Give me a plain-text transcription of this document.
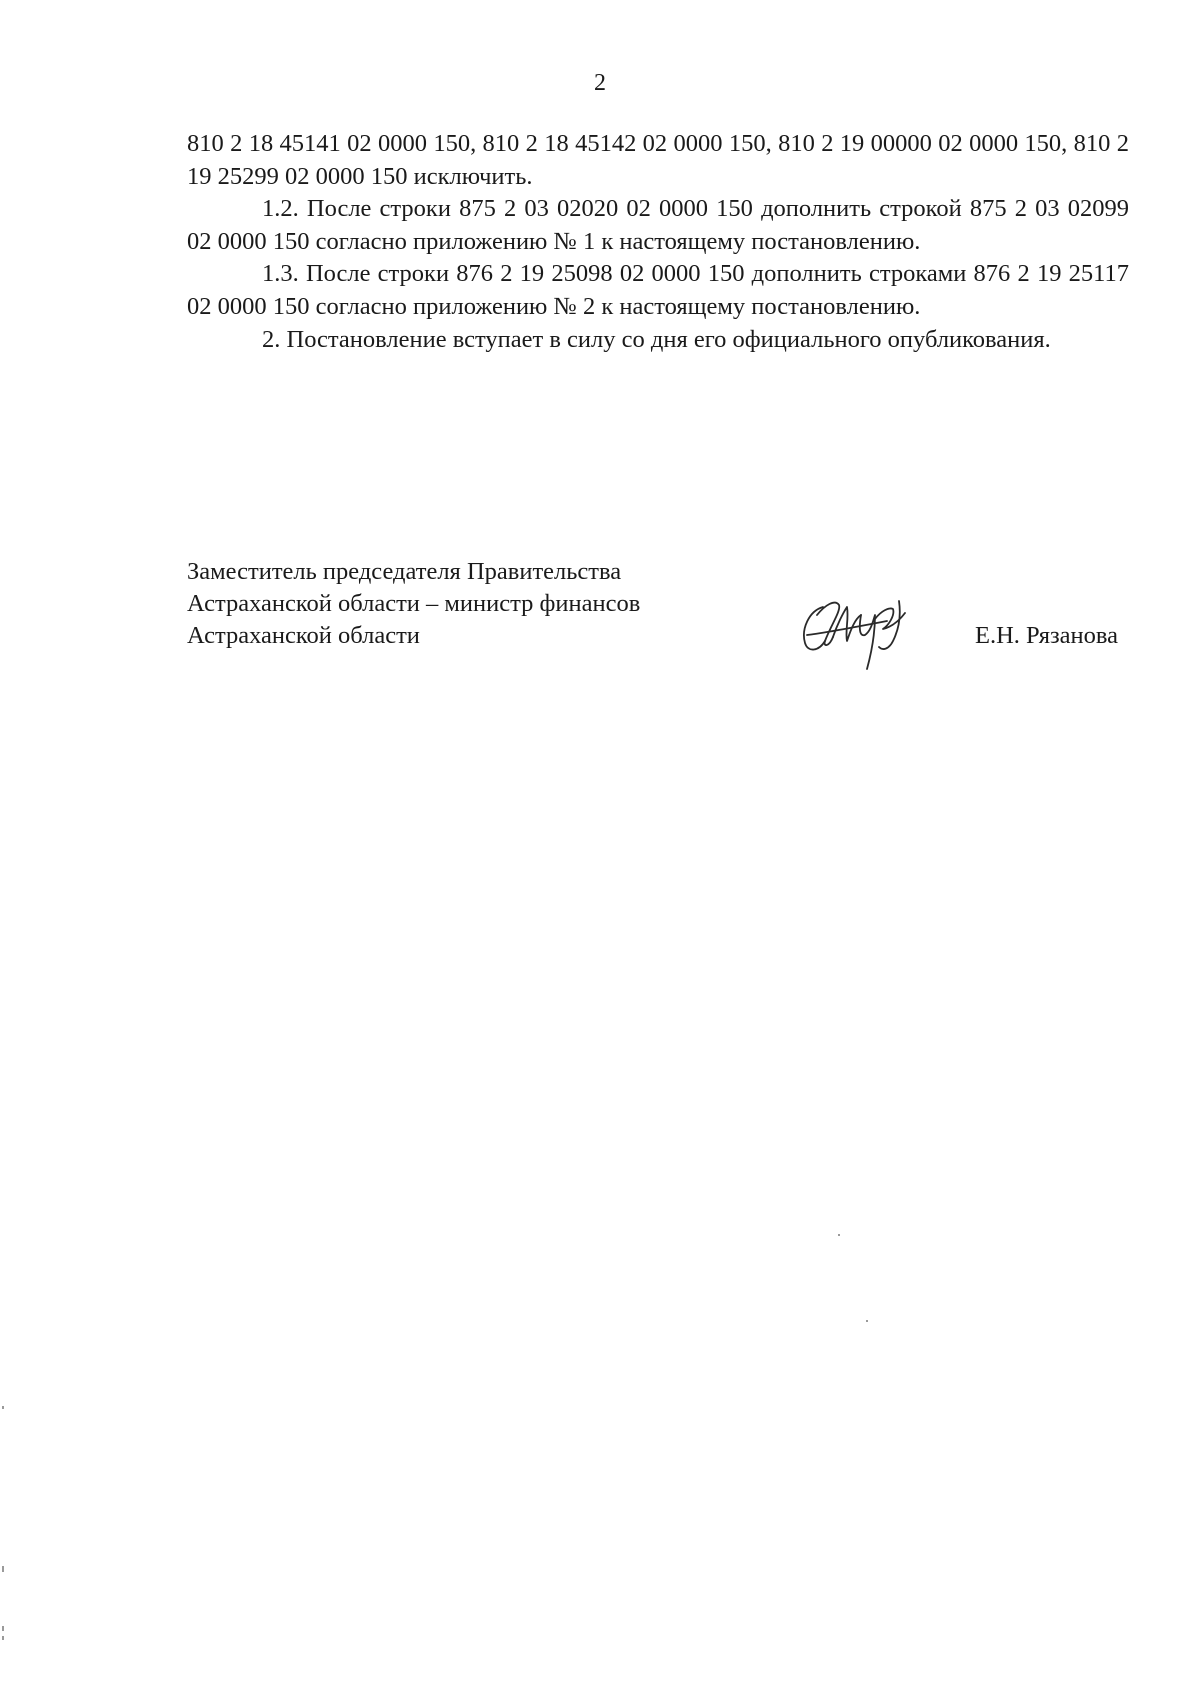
2

810 2 18 45141 02 0000 150, 810 2 18 45142 02 0000 150, 810 2 19 00000 02 0000 150, 810 2 19 25299 02 0000 150 исключить.

1.2. После строки 875 2 03 02020 02 0000 150 дополнить строкой 875 2 03 02099 02 0000 150 согласно приложению № 1 к настоящему постановлению.

1.3. После строки 876 2 19 25098 02 0000 150 дополнить строками 876 2 19 25117 02 0000 150 согласно приложению № 2 к настоящему постановлению.

2. Постановление вступает в силу со дня его официального опубликования.

Заместитель председателя Правительства
Астраханской области – министр финансов
Астраханской области	Е.Н. Рязанова
